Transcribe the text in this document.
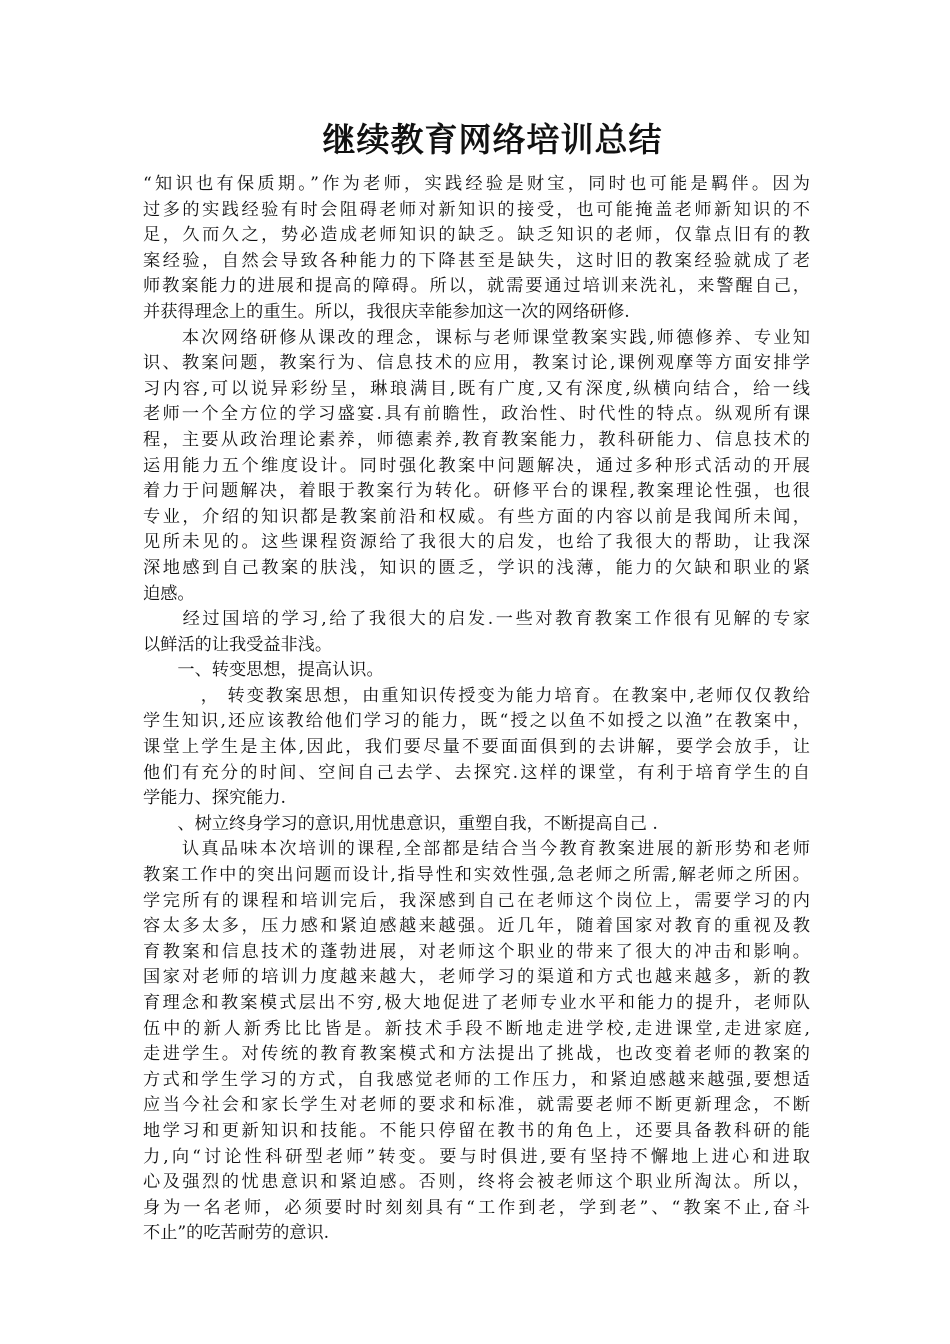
继续教育网络培训总结
“知识也有保质期。”作为老师，实践经验是财宝，同时也可能是羁伴。因为
过多的实践经验有时会阻碍老师对新知识的接受，也可能掩盖老师新知识的不
足，久而久之，势必造成老师知识的缺乏。缺乏知识的老师，仅靠点旧有的教
案经验，自然会导致各种能力的下降甚至是缺失，这时旧的教案经验就成了老
师教案能力的进展和提高的障碍。所以，就需要通过培训来洗礼，来警醒自己，
并获得理念上的重生。所以，我很庆幸能参加这一次的网络研修.
　　本次网络研修从课改的理念，课标与老师课堂教案实践,师德修养、专业知
识、教案问题，教案行为、信息技术的应用，教案讨论,课例观摩等方面安排学
习内容,可以说异彩纷呈，琳琅满目,既有广度,又有深度,纵横向结合，给一线
老师一个全方位的学习盛宴.具有前瞻性，政治性、时代性的特点。纵观所有课
程，主要从政治理论素养，师德素养,教育教案能力，教科研能力、信息技术的
运用能力五个维度设计。同时强化教案中问题解决，通过多种形式活动的开展
着力于问题解决，着眼于教案行为转化。研修平台的课程,教案理论性强，也很
专业，介绍的知识都是教案前沿和权威。有些方面的内容以前是我闻所未闻，
见所未见的。这些课程资源给了我很大的启发，也给了我很大的帮助，让我深
深地感到自己教案的肤浅，知识的匮乏，学识的浅薄，能力的欠缺和职业的紧
迫感。
　　经过国培的学习,给了我很大的启发.一些对教育教案工作很有见解的专家
以鲜活的让我受益非浅。
　　一、转变思想，提高认识。
　　　， 转变教案思想，由重知识传授变为能力培育。在教案中,老师仅仅教给
学生知识,还应该教给他们学习的能力，既“授之以鱼不如授之以渔”在教案中，
课堂上学生是主体,因此，我们要尽量不要面面俱到的去讲解，要学会放手，让
他们有充分的时间、空间自己去学、去探究.这样的课堂，有利于培育学生的自
学能力、探究能力.
　　、树立终身学习的意识,用忧患意识，重塑自我，不断提高自己 .
　　认真品味本次培训的课程,全部都是结合当今教育教案进展的新形势和老师
教案工作中的突出问题而设计,指导性和实效性强,急老师之所需,解老师之所困。
学完所有的课程和培训完后，我深感到自己在老师这个岗位上，需要学习的内
容太多太多，压力感和紧迫感越来越强。近几年，随着国家对教育的重视及教
育教案和信息技术的蓬勃进展，对老师这个职业的带来了很大的冲击和影响。
国家对老师的培训力度越来越大，老师学习的渠道和方式也越来越多，新的教
育理念和教案模式层出不穷,极大地促进了老师专业水平和能力的提升，老师队
伍中的新人新秀比比皆是。新技术手段不断地走进学校,走进课堂,走进家庭,
走进学生。对传统的教育教案模式和方法提出了挑战，也改变着老师的教案的
方式和学生学习的方式，自我感觉老师的工作压力，和紧迫感越来越强,要想适
应当今社会和家长学生对老师的要求和标准，就需要老师不断更新理念，不断
地学习和更新知识和技能。不能只停留在教书的角色上，还要具备教科研的能
力,向“讨论性科研型老师”转变。要与时俱进,要有坚持不懈地上进心和进取
心及强烈的忧患意识和紧迫感。否则，终将会被老师这个职业所淘汰。所以，
身为一名老师，必须要时时刻刻具有“工作到老，学到老”、“教案不止,奋斗
不止”的吃苦耐劳的意识.
